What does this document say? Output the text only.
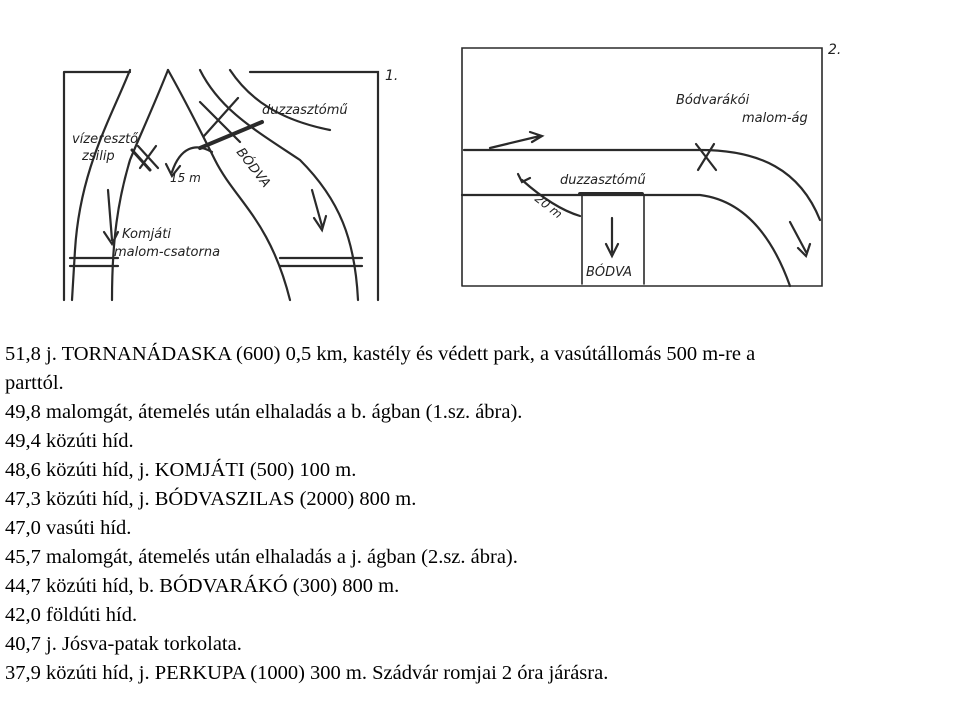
1.
vízeresztő
zsilip
duzzasztómű
BÓDVA
15 m
Komjáti
malom-csatorna
2.
Bódvarákói
malom-ág
duzzasztómű
20 m
BÓDVA

51,8 j. TORNANÁDASKA (600) 0,5 km, kastély és védett park, a vasútállomás 500 m-re a

parttól.

49,8 malomgát, átemelés után elhaladás a b. ágban (1.sz. ábra).

49,4 közúti híd.

48,6 közúti híd, j. KOMJÁTI (500) 100 m.

47,3 közúti híd, j. BÓDVASZILAS (2000) 800 m.

47,0 vasúti híd.

45,7 malomgát, átemelés után elhaladás a j. ágban (2.sz. ábra).

44,7 közúti híd, b. BÓDVARÁKÓ (300) 800 m.

42,0 földúti híd.

40,7 j. Jósva-patak torkolata.

37,9 közúti híd, j. PERKUPA (1000) 300 m. Szádvár romjai 2 óra járásra.
